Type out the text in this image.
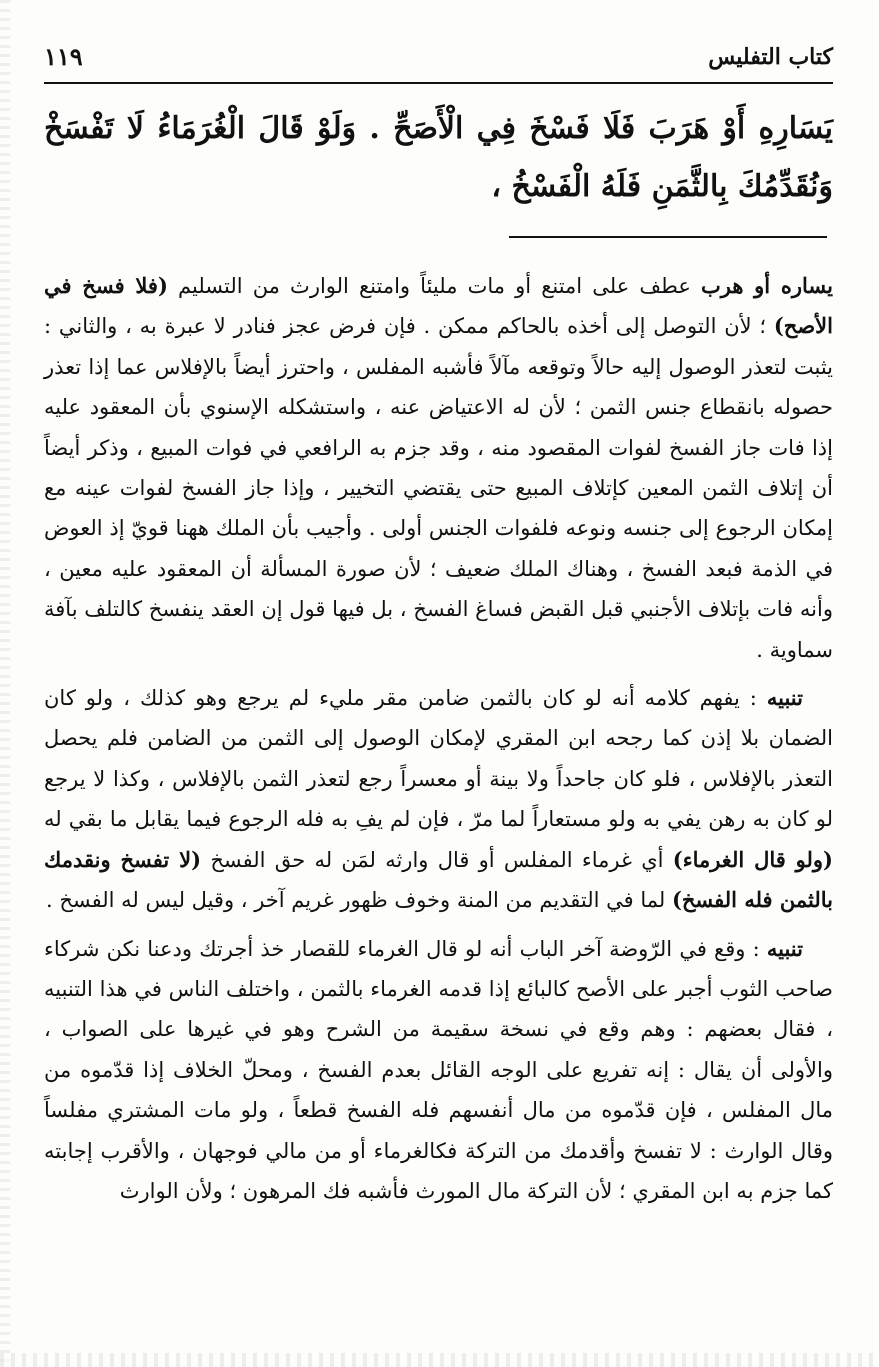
كتاب التفليس
١١٩
يَسَارِهِ أَوْ هَرَبَ فَلَا فَسْخَ فِي الْأَصَحِّ . وَلَوْ قَالَ الْغُرَمَاءُ لَا تَفْسَخْ وَنُقَدِّمُكَ بِالثَّمَنِ فَلَهُ الْفَسْخُ ،

يساره أو هرب عطف على امتنع أو مات مليئاً وامتنع الوارث من التسليم (فلا فسخ في الأصح) ؛ لأن التوصل إلى أخذه بالحاكم ممكن . فإن فرض عجز فنادر لا عبرة به ، والثاني : يثبت لتعذر الوصول إليه حالاً وتوقعه مآلاً فأشبه المفلس ، واحترز أيضاً بالإفلاس عما إذا تعذر حصوله بانقطاع جنس الثمن ؛ لأن له الاعتياض عنه ، واستشكله الإسنوي بأن المعقود عليه إذا فات جاز الفسخ لفوات المقصود منه ، وقد جزم به الرافعي في فوات المبيع ، وذكر أيضاً أن إتلاف الثمن المعين كإتلاف المبيع حتى يقتضي التخيير ، وإذا جاز الفسخ لفوات عينه مع إمكان الرجوع إلى جنسه ونوعه فلفوات الجنس أولى . وأجيب بأن الملك ههنا قويّ إذ العوض في الذمة فبعد الفسخ ، وهناك الملك ضعيف ؛ لأن صورة المسألة أن المعقود عليه معين ، وأنه فات بإتلاف الأجنبي قبل القبض فساغ الفسخ ، بل فيها قول إن العقد ينفسخ كالتلف بآفة سماوية .

تنبيه : يفهم كلامه أنه لو كان بالثمن ضامن مقر مليء لم يرجع وهو كذلك ، ولو كان الضمان بلا إذن كما رجحه ابن المقري لإمكان الوصول إلى الثمن من الضامن فلم يحصل التعذر بالإفلاس ، فلو كان جاحداً ولا بينة أو معسراً رجع لتعذر الثمن بالإفلاس ، وكذا لا يرجع لو كان به رهن يفي به ولو مستعاراً لما مرّ ، فإن لم يفِ به فله الرجوع فيما يقابل ما بقي له (ولو قال الغرماء) أي غرماء المفلس أو قال وارثه لمَن له حق الفسخ (لا تفسخ ونقدمك بالثمن فله الفسخ) لما في التقديم من المنة وخوف ظهور غريم آخر ، وقيل ليس له الفسخ .

تنبيه : وقع في الرّوضة آخر الباب أنه لو قال الغرماء للقصار خذ أجرتك ودعنا نكن شركاء صاحب الثوب أجبر على الأصح كالبائع إذا قدمه الغرماء بالثمن ، واختلف الناس في هذا التنبيه ، فقال بعضهم : وهم وقع في نسخة سقيمة من الشرح وهو في غيرها على الصواب ، والأولى أن يقال : إنه تفريع على الوجه القائل بعدم الفسخ ، ومحلّ الخلاف إذا قدّموه من مال المفلس ، فإن قدّموه من مال أنفسهم فله الفسخ قطعاً ، ولو مات المشتري مفلساً وقال الوارث : لا تفسخ وأقدمك من التركة فكالغرماء أو من مالي فوجهان ، والأقرب إجابته كما جزم به ابن المقري ؛ لأن التركة مال المورث فأشبه فك المرهون ؛ ولأن الوارث
